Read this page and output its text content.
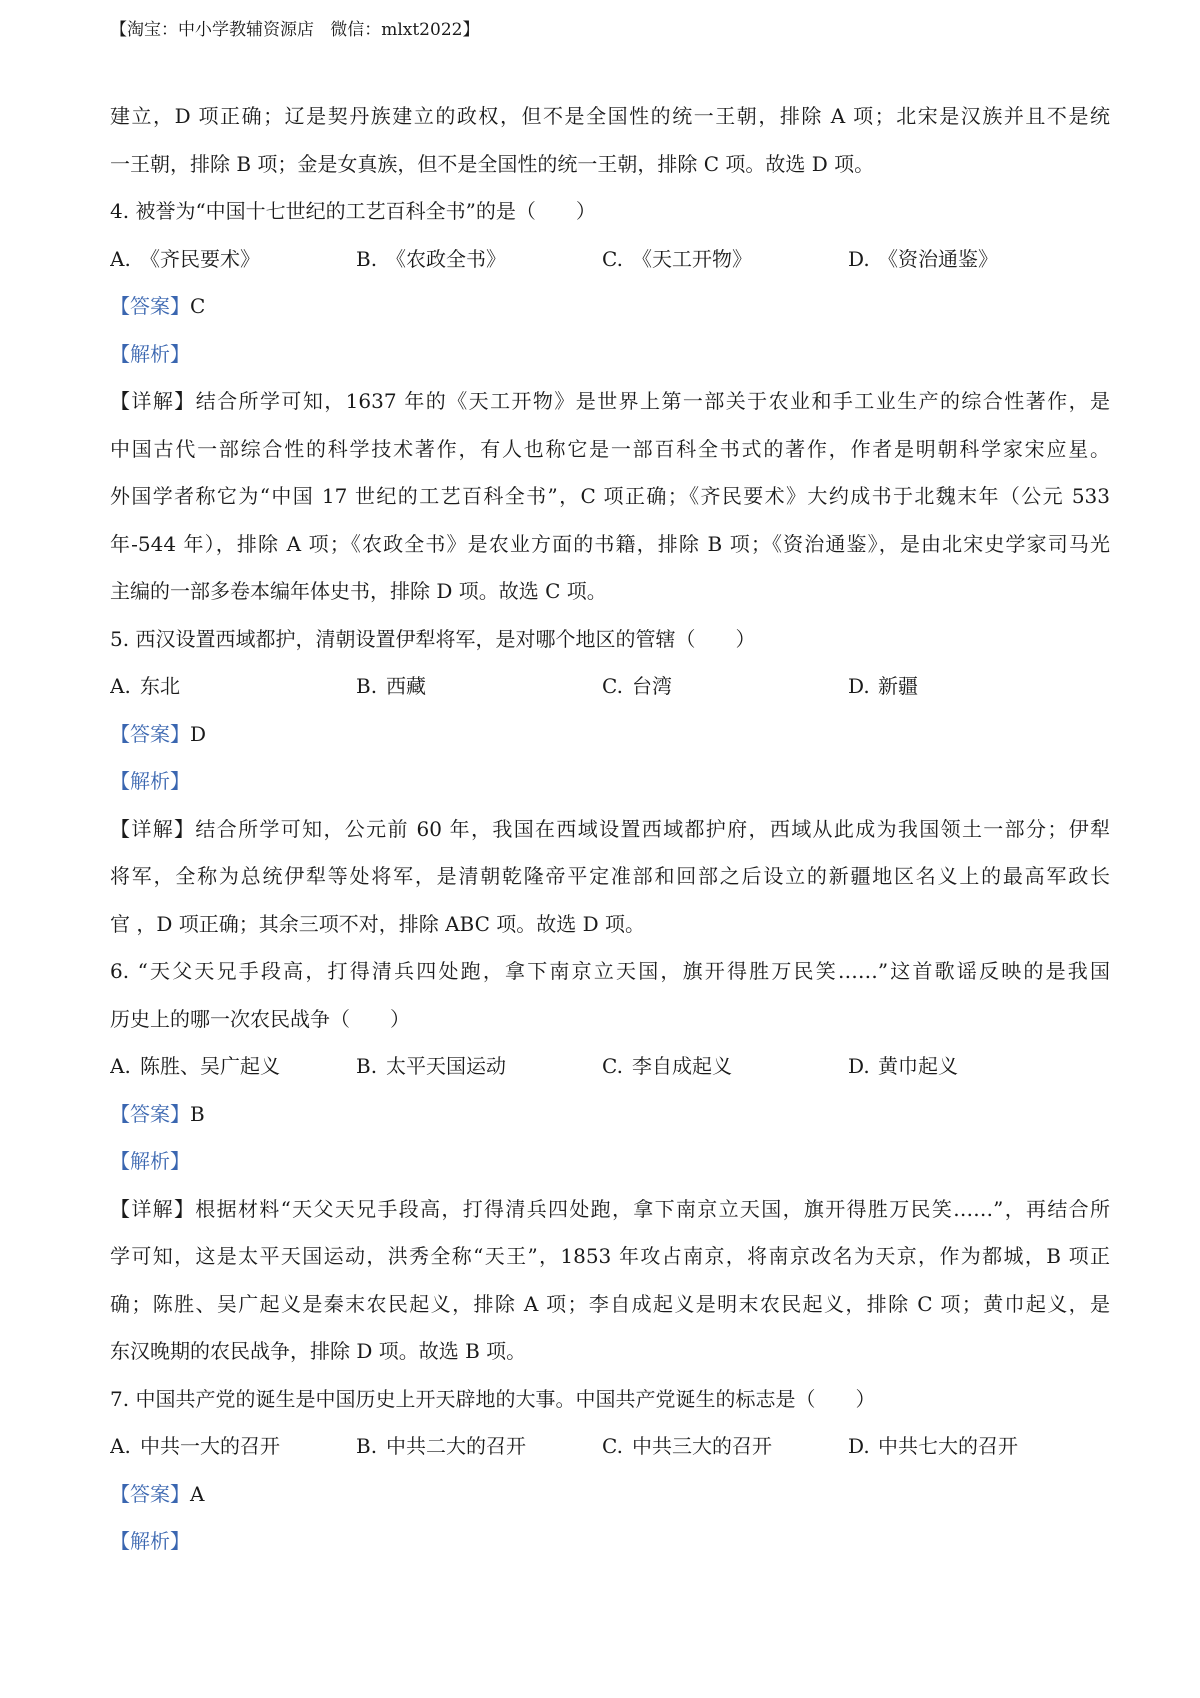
【淘宝：中小学教辅资源店   微信：mlxt2022】
建立，D 项正确；辽是契丹族建立的政权，但不是全国性的统一王朝，排除 A 项；北宋是汉族并且不是统
一王朝，排除 B 项；金是女真族，但不是全国性的统一王朝，排除 C 项。故选 D 项。
4. 被誉为“中国十七世纪的工艺百科全书”的是（　　）
A. 《齐民要术》	B. 《农政全书》	C. 《天工开物》	D. 《资治通鉴》
【答案】C
【解析】
【详解】结合所学可知，1637 年的《天工开物》是世界上第一部关于农业和手工业生产的综合性著作，是
中国古代一部综合性的科学技术著作，有人也称它是一部百科全书式的著作，作者是明朝科学家宋应星。
外国学者称它为“中国 17 世纪的工艺百科全书”，C 项正确；《齐民要术》大约成书于北魏末年（公元 533
年-544 年），排除 A 项；《农政全书》是农业方面的书籍，排除 B 项；《资治通鉴》，是由北宋史学家司马光
主编的一部多卷本编年体史书，排除 D 项。故选 C 项。
5. 西汉设置西域都护，清朝设置伊犁将军，是对哪个地区的管辖（　　）
A. 东北	B. 西藏	C. 台湾	D. 新疆
【答案】D
【解析】
【详解】结合所学可知，公元前 60 年，我国在西域设置西域都护府，西域从此成为我国领土一部分；伊犁
将军，全称为总统伊犁等处将军，是清朝乾隆帝平定准部和回部之后设立的新疆地区名义上的最高军政长
官 ，D 项正确；其余三项不对，排除 ABC 项。故选 D 项。
6. “天父天兄手段高，打得清兵四处跑，拿下南京立天国，旗开得胜万民笑……”这首歌谣反映的是我国
历史上的哪一次农民战争（　　）
A. 陈胜、吴广起义	B. 太平天国运动	C. 李自成起义	D. 黄巾起义
【答案】B
【解析】
【详解】根据材料“天父天兄手段高，打得清兵四处跑，拿下南京立天国，旗开得胜万民笑……”，再结合所
学可知，这是太平天国运动，洪秀全称“天王”，1853 年攻占南京，将南京改名为天京，作为都城，B 项正
确；陈胜、吴广起义是秦末农民起义，排除 A 项；李自成起义是明末农民起义，排除 C 项；黄巾起义，是
东汉晚期的农民战争，排除 D 项。故选 B 项。
7. 中国共产党的诞生是中国历史上开天辟地的大事。中国共产党诞生的标志是（　　）
A. 中共一大的召开	B. 中共二大的召开	C. 中共三大的召开	D. 中共七大的召开
【答案】A
【解析】
